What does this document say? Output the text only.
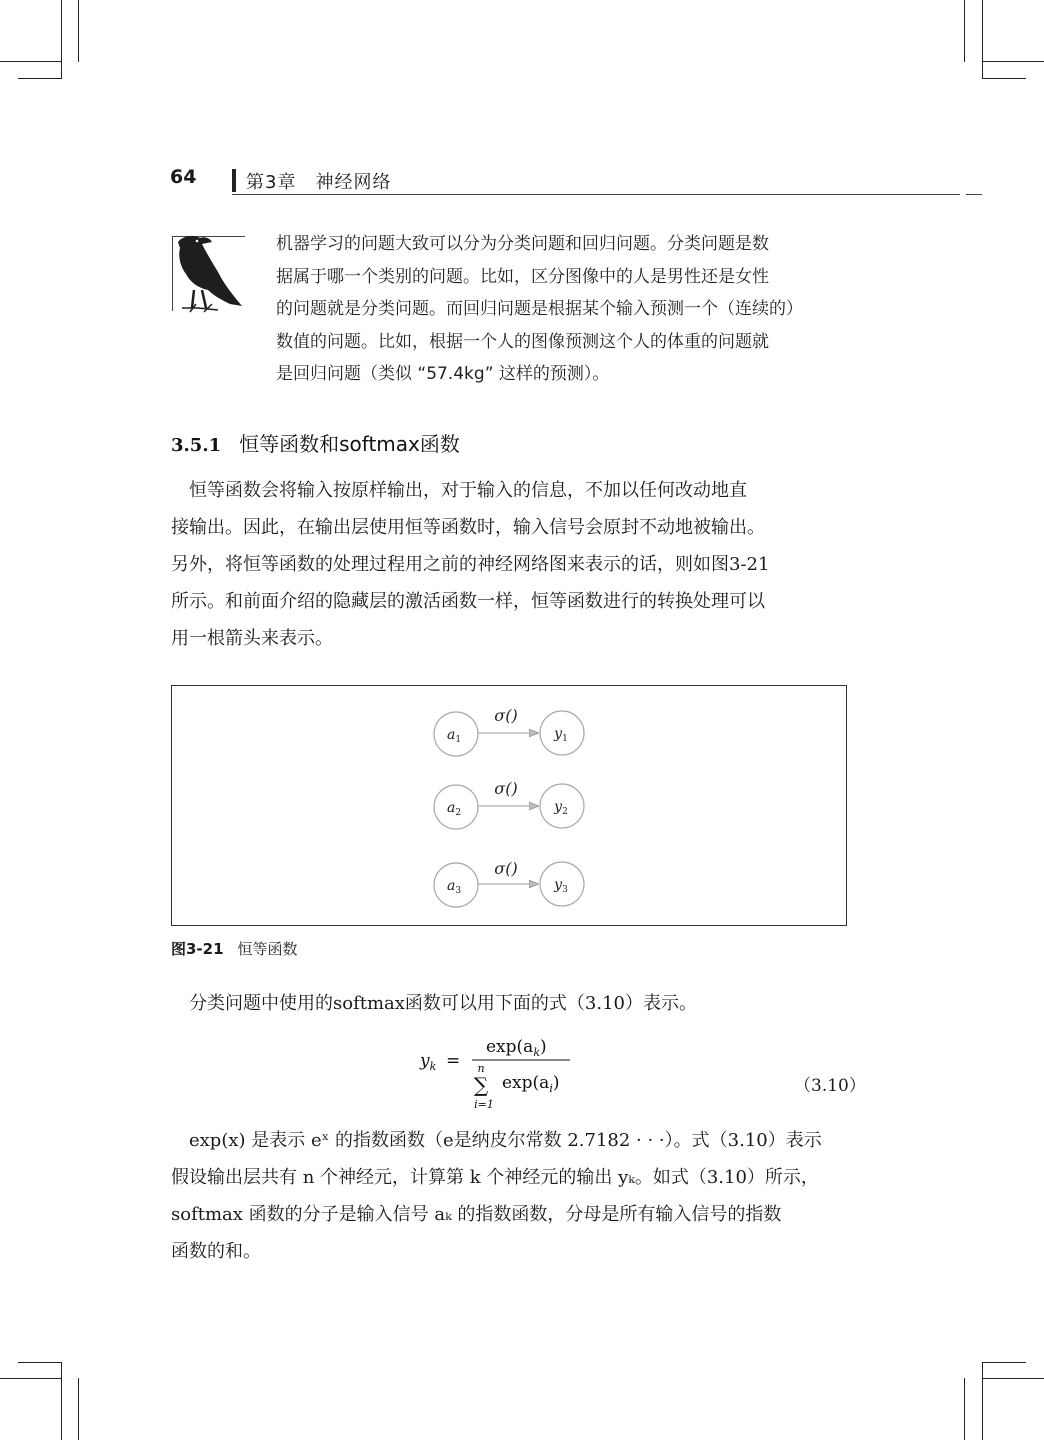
64	第3章　神经网络

机器学习的问题大致可以分为分类问题和回归问题。分类问题是数

据属于哪一个类别的问题。比如，区分图像中的人是男性还是女性

的问题就是分类问题。而回归问题是根据某个输入预测一个（连续的）

数值的问题。比如，根据一个人的图像预测这个人的体重的问题就

是回归问题（类似 “57.4kg” 这样的预测）。

3.5.1 恒等函数和softmax函数
　恒等函数会将输入按原样输出，对于输入的信息，不加以任何改动地直
接输出。因此，在输出层使用恒等函数时，输入信号会原封不动地被输出。
另外，将恒等函数的处理过程用之前的神经网络图来表示的话，则如图3-21
所示。和前面介绍的隐藏层的激活函数一样，恒等函数进行的转换处理可以
用一根箭头来表示。
σ()
$a_1$	$y_1$
σ()
$a_2$	$y_2$
σ()
$a_3$	$y_3$
图3-21 恒等函数
　分类问题中使用的softmax函数可以用下面的式（3.10）表示。
$y_k$ =
$\exp(a_k)$
n
∑
i=1
$\exp(a_i)$	（3.10）
　exp(x) 是表示 eˣ 的指数函数（e是纳皮尔常数 2.7182 · · ·）。式（3.10）表示
假设输出层共有 n 个神经元，计算第 k 个神经元的输出 yₖ。如式（3.10）所示，
softmax 函数的分子是输入信号 aₖ 的指数函数，分母是所有输入信号的指数
函数的和。
